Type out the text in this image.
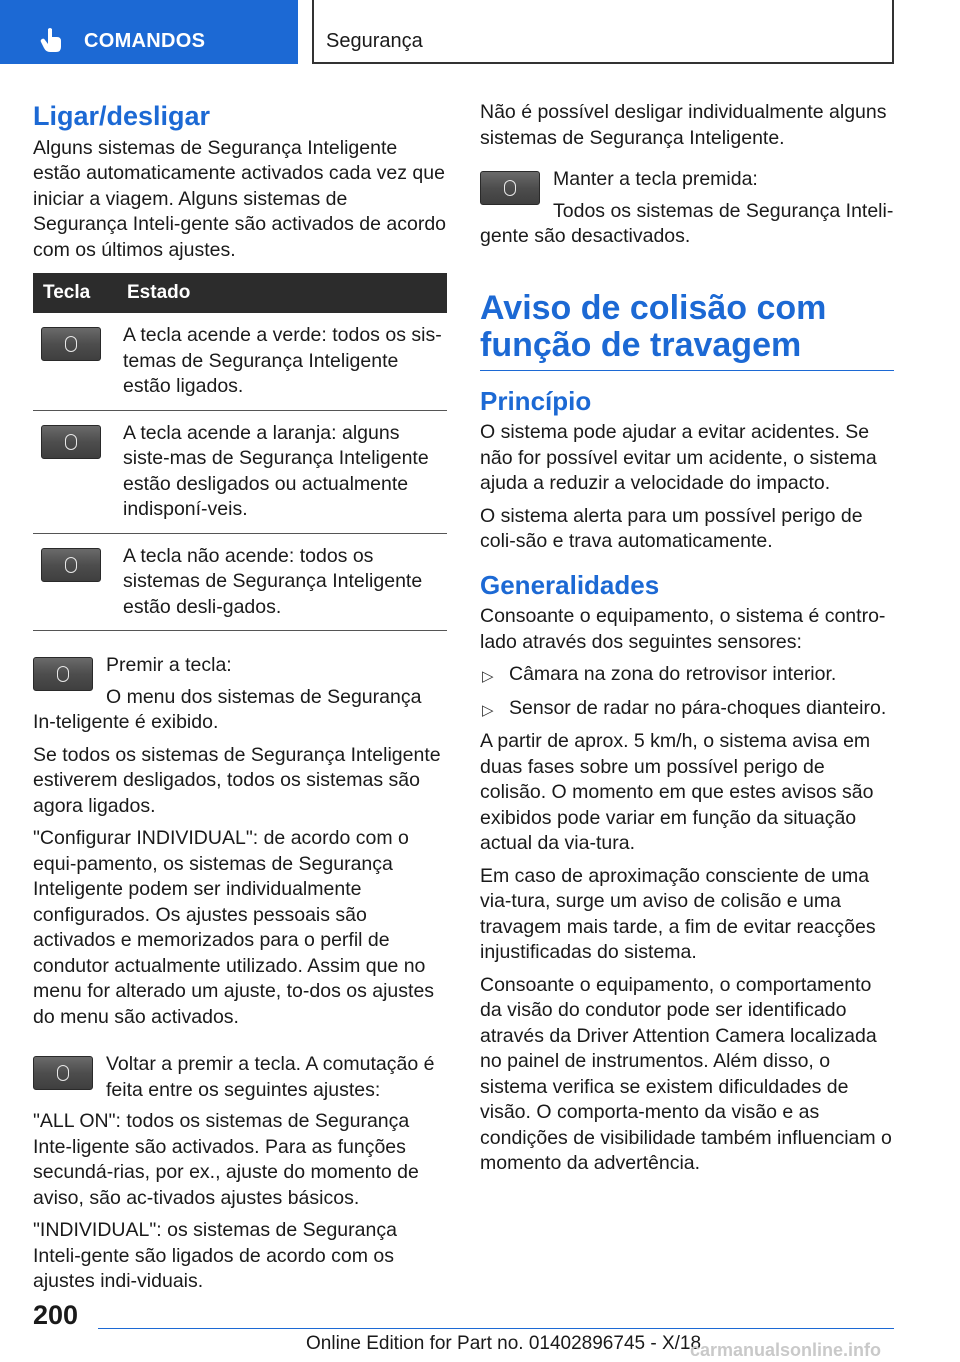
COMANDOS	Segurança
Ligar/desligar

Alguns sistemas de Segurança Inteligente estão automaticamente activados cada vez que iniciar a viagem. Alguns sistemas de Segurança Inteli-gente são activados de acordo com os últimos ajustes.

Tecla	Estado
	A tecla acende a verde: todos os sis-temas de Segurança Inteligente estão ligados.
	A tecla acende a laranja: alguns siste-mas de Segurança Inteligente estão desligados ou actualmente indisponí-veis.
	A tecla não acende: todos os sistemas de Segurança Inteligente estão desli-gados.

Premir a tecla:

O menu dos sistemas de Segurança In-teligente é exibido.

Se todos os sistemas de Segurança Inteligente estiverem desligados, todos os sistemas são agora ligados.

"Configurar INDIVIDUAL": de acordo com o equi-pamento, os sistemas de Segurança Inteligente podem ser individualmente configurados. Os ajustes pessoais são activados e memorizados para o perfil de condutor actualmente utilizado. Assim que no menu for alterado um ajuste, to-dos os ajustes do menu são activados.

Voltar a premir a tecla. A comutação é feita entre os seguintes ajustes:

"ALL ON": todos os sistemas de Segurança Inte-ligente são activados. Para as funções secundá-rias, por ex., ajuste do momento de aviso, são ac-tivados ajustes básicos.

"INDIVIDUAL": os sistemas de Segurança Inteli-gente são ligados de acordo com os ajustes indi-viduais.

Não é possível desligar individualmente alguns sistemas de Segurança Inteligente.

Manter a tecla premida:

Todos os sistemas de Segurança Inteli-gente são desactivados.

Aviso de colisão com função de travagem
Princípio

O sistema pode ajudar a evitar acidentes. Se não for possível evitar um acidente, o sistema ajuda a reduzir a velocidade do impacto.

O sistema alerta para um possível perigo de coli-são e trava automaticamente.

Generalidades

Consoante o equipamento, o sistema é contro-lado através dos seguintes sensores:

▷ Câmara na zona do retrovisor interior.
▷ Sensor de radar no pára-choques dianteiro.

A partir de aprox. 5 km/h, o sistema avisa em duas fases sobre um possível perigo de colisão. O momento em que estes avisos são exibidos pode variar em função da situação actual da via-tura.

Em caso de aproximação consciente de uma via-tura, surge um aviso de colisão e uma travagem mais tarde, a fim de evitar reacções injustificadas do sistema.

Consoante o equipamento, o comportamento da visão do condutor pode ser identificado através da Driver Attention Camera localizada no painel de instrumentos. Além disso, o sistema verifica se existem dificuldades de visão. O comporta-mento da visão e as condições de visibilidade também influenciam o momento da advertência.

200
Online Edition for Part no. 01402896745 - X/18
carmanualsonline.info
